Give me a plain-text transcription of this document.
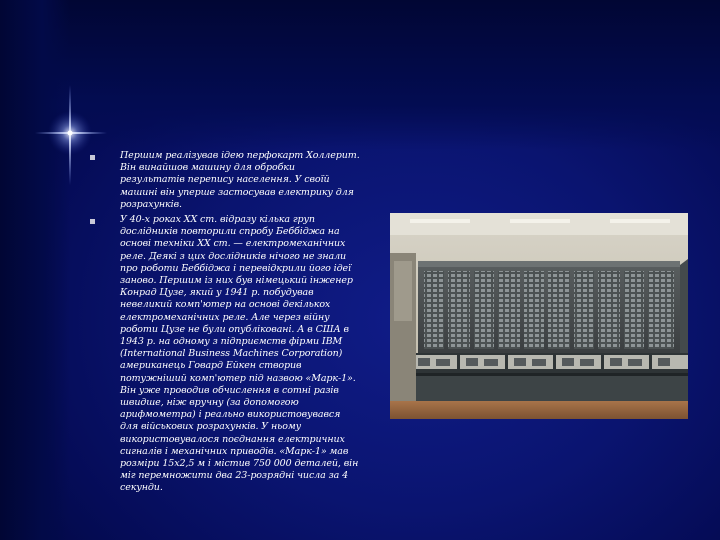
Першим реалізував ідею перфокарт Холлерит.
Він винайшов машину для обробки
результатів перепису населення. У своїй
машині він уперше застосував електрику для
розрахунків.
У 40-х роках ХХ ст. відразу кілька груп
дослідників повторили спробу Беббіджа на
основі техніки ХХ ст. — електромеханічних
реле. Деякі з цих дослідників нічого не знали
про роботи Беббіджа і перевідкрили його ідеї
заново. Першим із них був німецький інженер
Конрад Цузе, який у 1941 р. побудував
невеликий комп'ютер на основі декількох
електромеханічних реле. Але через війну
роботи Цузе не були опубліковані. А в США в
1943 р. на одному з підприємств фірми IBM
(International Business Machines Corporation)
американець Говард Ейкен створив
потужніший комп'ютер під назвою «Марк-1».
Він уже проводив обчислення в сотні разів
швидше, ніж вручну (за допомогою
арифмометра) і реально використовувався
для військових розрахунків. У ньому
використовувалося поєднання електричних
сигналів і механічних приводів. «Марк-1» мав
розміри 15х2,5 м і містив 750 000 деталей, він
міг перемножити два 23-розрядні числа за 4
секунди.
